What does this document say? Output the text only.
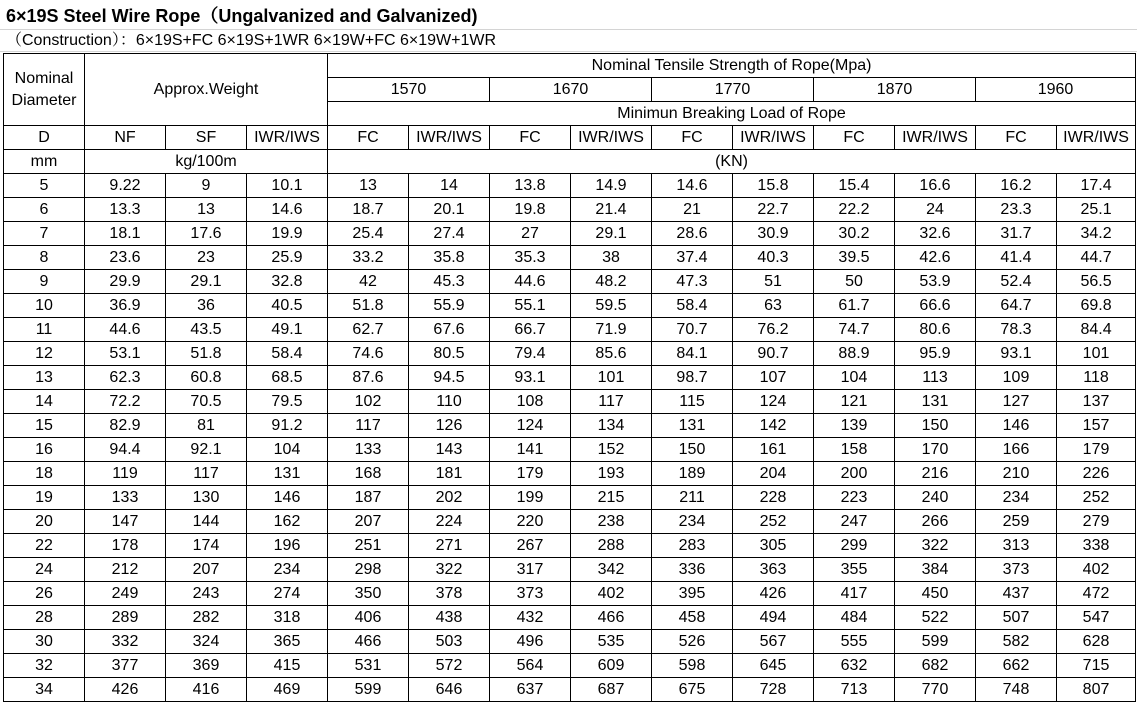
6×19S Steel Wire Rope（Ungalvanized and Galvanized)
（Construction）：6×19S+FC 6×19S+1WR 6×19W+FC 6×19W+1WR
Nominal Diameter	Approx.Weight			Nominal Tensile Strength of Rope(Mpa)									
				1570		1670		1770		1870		1960	
				Minimun Breaking Load of Rope									
D	NF	SF	IWR/IWS	FC	IWR/IWS	FC	IWR/IWS	FC	IWR/IWS	FC	IWR/IWS	FC	IWR/IWS
mm	kg/100m			(KN)									
5	9.22	9	10.1	13	14	13.8	14.9	14.6	15.8	15.4	16.6	16.2	17.4
6	13.3	13	14.6	18.7	20.1	19.8	21.4	21	22.7	22.2	24	23.3	25.1
7	18.1	17.6	19.9	25.4	27.4	27	29.1	28.6	30.9	30.2	32.6	31.7	34.2
8	23.6	23	25.9	33.2	35.8	35.3	38	37.4	40.3	39.5	42.6	41.4	44.7
9	29.9	29.1	32.8	42	45.3	44.6	48.2	47.3	51	50	53.9	52.4	56.5
10	36.9	36	40.5	51.8	55.9	55.1	59.5	58.4	63	61.7	66.6	64.7	69.8
11	44.6	43.5	49.1	62.7	67.6	66.7	71.9	70.7	76.2	74.7	80.6	78.3	84.4
12	53.1	51.8	58.4	74.6	80.5	79.4	85.6	84.1	90.7	88.9	95.9	93.1	101
13	62.3	60.8	68.5	87.6	94.5	93.1	101	98.7	107	104	113	109	118
14	72.2	70.5	79.5	102	110	108	117	115	124	121	131	127	137
15	82.9	81	91.2	117	126	124	134	131	142	139	150	146	157
16	94.4	92.1	104	133	143	141	152	150	161	158	170	166	179
18	119	117	131	168	181	179	193	189	204	200	216	210	226
19	133	130	146	187	202	199	215	211	228	223	240	234	252
20	147	144	162	207	224	220	238	234	252	247	266	259	279
22	178	174	196	251	271	267	288	283	305	299	322	313	338
24	212	207	234	298	322	317	342	336	363	355	384	373	402
26	249	243	274	350	378	373	402	395	426	417	450	437	472
28	289	282	318	406	438	432	466	458	494	484	522	507	547
30	332	324	365	466	503	496	535	526	567	555	599	582	628
32	377	369	415	531	572	564	609	598	645	632	682	662	715
34	426	416	469	599	646	637	687	675	728	713	770	748	807
